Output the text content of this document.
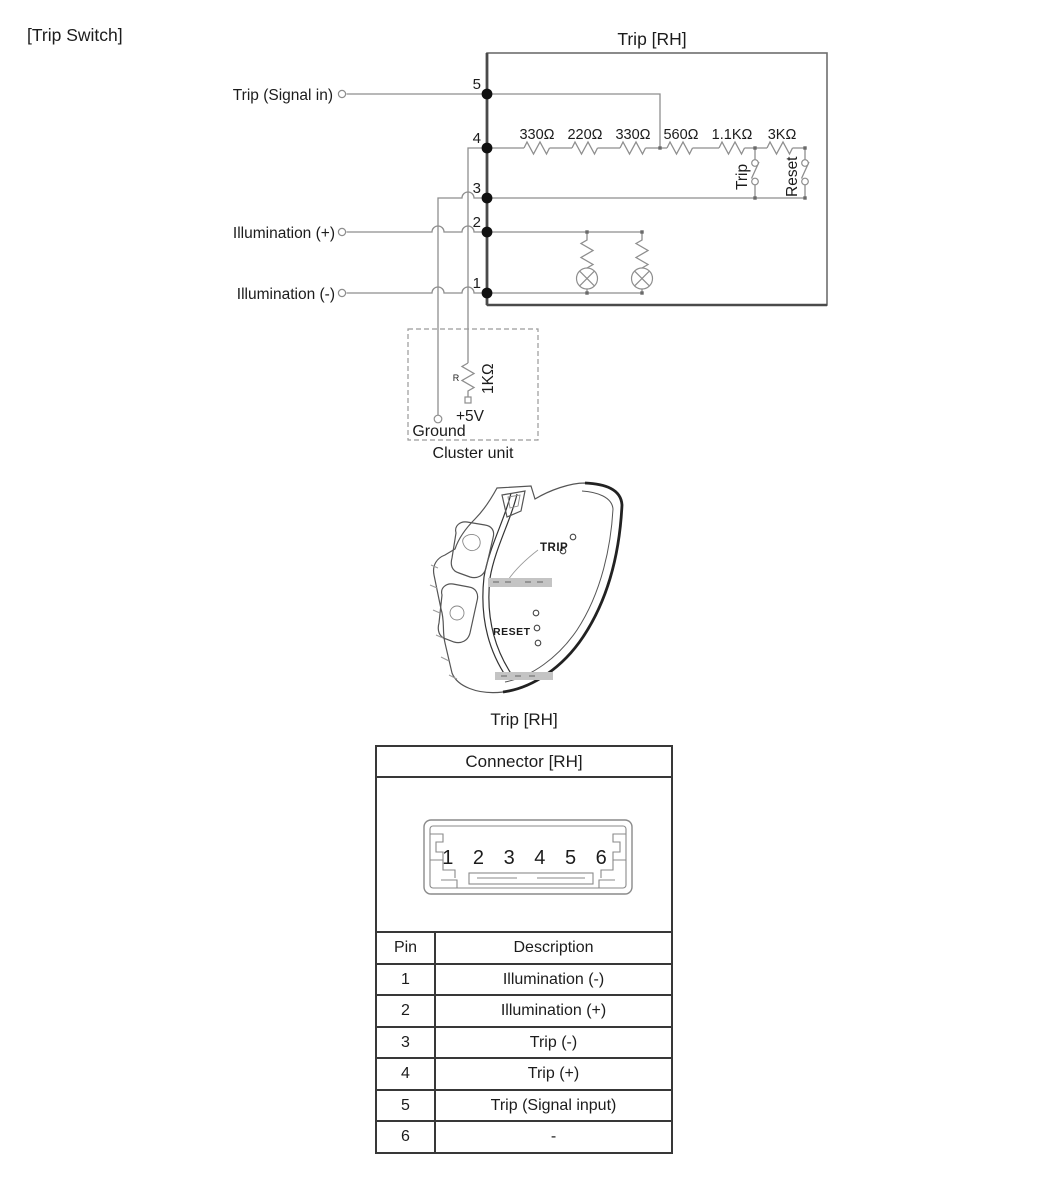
[Trip Switch]	Trip [RH]
Trip (Signal in)
Illumination (+)
Illumination (-)
5
4
3
2
1
330Ω 220Ω 330Ω 560Ω 1.1KΩ 3KΩ
Trip Reset
R 1KΩ
+5V
Ground
Cluster unit
TRIP
RESET
Trip [RH]
Connector [RH]
1 2 3 4 5 6
Pin	Description
1	Illumination (-)
2	Illumination (+)
3	Trip (-)
4	Trip (+)
5	Trip (Signal input)
6	-
